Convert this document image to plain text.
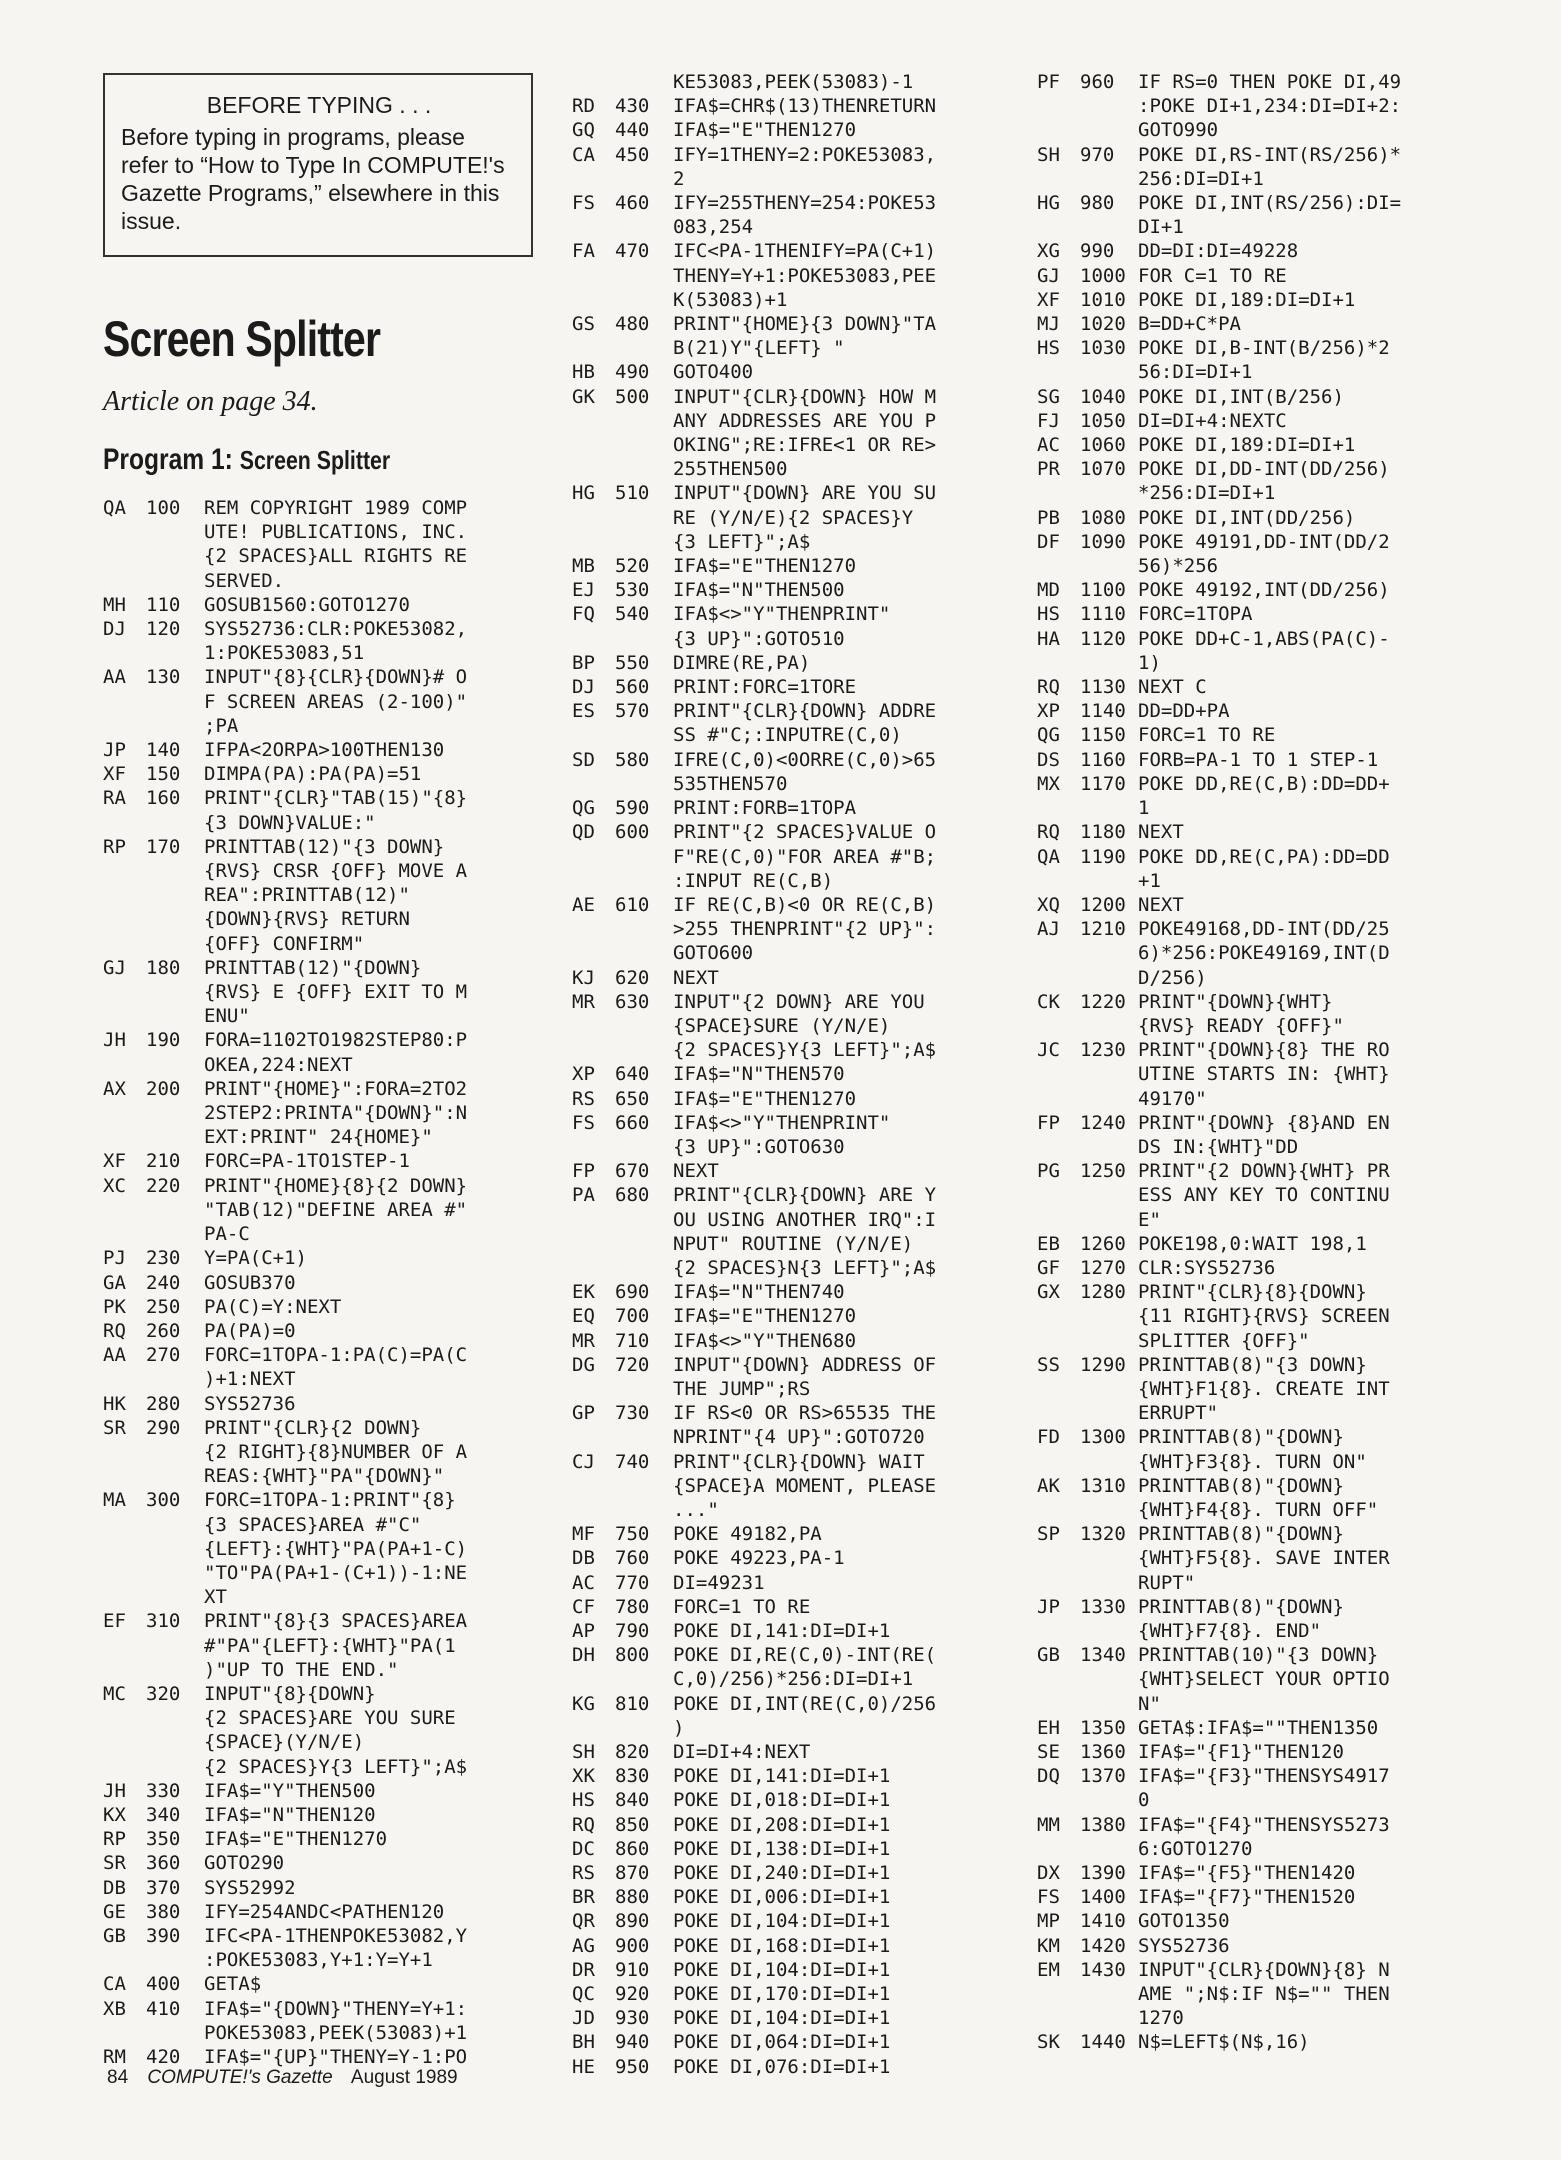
BEFORE TYPING . . .
Before typing in programs, please refer to “How to Type In COMPUTE!'s Gazette Programs,” elsewhere in this issue.
Screen Splitter
Article on page 34.
Program 1: Screen Splitter
QA	100	REM COPYRIGHT 1989 COMP
UTE! PUBLICATIONS, INC.
{2 SPACES}ALL RIGHTS RE
SERVED.
MH	110	GOSUB1560:GOTO1270
DJ	120	SYS52736:CLR:POKE53082,
1:POKE53083,51
AA	130	INPUT"{8}{CLR}{DOWN}# O
F SCREEN AREAS (2-100)"
;PA
JP	140	IFPA<2ORPA>100THEN130
XF	150	DIMPA(PA):PA(PA)=51
RA	160	PRINT"{CLR}"TAB(15)"{8}
{3 DOWN}VALUE:"
RP	170	PRINTTAB(12)"{3 DOWN}
{RVS} CRSR {OFF} MOVE A
REA":PRINTTAB(12)"
{DOWN}{RVS} RETURN
{OFF} CONFIRM"
GJ	180	PRINTTAB(12)"{DOWN}
{RVS} E {OFF} EXIT TO M
ENU"
JH	190	FORA=1102TO1982STEP80:P
OKEA,224:NEXT
AX	200	PRINT"{HOME}":FORA=2TO2
2STEP2:PRINTA"{DOWN}":N
EXT:PRINT" 24{HOME}"
XF	210	FORC=PA-1TO1STEP-1
XC	220	PRINT"{HOME}{8}{2 DOWN}
"TAB(12)"DEFINE AREA #"
PA-C
PJ	230	Y=PA(C+1)
GA	240	GOSUB370
PK	250	PA(C)=Y:NEXT
RQ	260	PA(PA)=0
AA	270	FORC=1TOPA-1:PA(C)=PA(C
)+1:NEXT
HK	280	SYS52736
SR	290	PRINT"{CLR}{2 DOWN}
{2 RIGHT}{8}NUMBER OF A
REAS:{WHT}"PA"{DOWN}"
MA	300	FORC=1TOPA-1:PRINT"{8}
{3 SPACES}AREA #"C"
{LEFT}:{WHT}"PA(PA+1-C)
"TO"PA(PA+1-(C+1))-1:NE
XT
EF	310	PRINT"{8}{3 SPACES}AREA
#"PA"{LEFT}:{WHT}"PA(1
)"UP TO THE END."
MC	320	INPUT"{8}{DOWN}
{2 SPACES}ARE YOU SURE
{SPACE}(Y/N/E)
{2 SPACES}Y{3 LEFT}";A$
JH	330	IFA$="Y"THEN500
KX	340	IFA$="N"THEN120
RP	350	IFA$="E"THEN1270
SR	360	GOTO290
DB	370	SYS52992
GE	380	IFY=254ANDC<PATHEN120
GB	390	IFC<PA-1THENPOKE53082,Y
:POKE53083,Y+1:Y=Y+1
CA	400	GETA$
XB	410	IFA$="{DOWN}"THENY=Y+1:
POKE53083,PEEK(53083)+1
RM	420	IFA$="{UP}"THENY=Y-1:PO
KE53083,PEEK(53083)-1
RD	430	IFA$=CHR$(13)THENRETURN
GQ	440	IFA$="E"THEN1270
CA	450	IFY=1THENY=2:POKE53083,
2
FS	460	IFY=255THENY=254:POKE53
083,254
FA	470	IFC<PA-1THENIFY=PA(C+1)
THENY=Y+1:POKE53083,PEE
K(53083)+1
GS	480	PRINT"{HOME}{3 DOWN}"TA
B(21)Y"{LEFT} "
HB	490	GOTO400
GK	500	INPUT"{CLR}{DOWN} HOW M
ANY ADDRESSES ARE YOU P
OKING";RE:IFRE<1 OR RE>
255THEN500
HG	510	INPUT"{DOWN} ARE YOU SU
RE (Y/N/E){2 SPACES}Y
{3 LEFT}";A$
MB	520	IFA$="E"THEN1270
EJ	530	IFA$="N"THEN500
FQ	540	IFA$<>"Y"THENPRINT"
{3 UP}":GOTO510
BP	550	DIMRE(RE,PA)
DJ	560	PRINT:FORC=1TORE
ES	570	PRINT"{CLR}{DOWN} ADDRE
SS #"C;:INPUTRE(C,0)
SD	580	IFRE(C,0)<0ORRE(C,0)>65
535THEN570
QG	590	PRINT:FORB=1TOPA
QD	600	PRINT"{2 SPACES}VALUE O
F"RE(C,0)"FOR AREA #"B;
:INPUT RE(C,B)
AE	610	IF RE(C,B)<0 OR RE(C,B)
>255 THENPRINT"{2 UP}":
GOTO600
KJ	620	NEXT
MR	630	INPUT"{2 DOWN} ARE YOU
{SPACE}SURE (Y/N/E)
{2 SPACES}Y{3 LEFT}";A$
XP	640	IFA$="N"THEN570
RS	650	IFA$="E"THEN1270
FS	660	IFA$<>"Y"THENPRINT"
{3 UP}":GOTO630
FP	670	NEXT
PA	680	PRINT"{CLR}{DOWN} ARE Y
OU USING ANOTHER IRQ":I
NPUT" ROUTINE (Y/N/E)
{2 SPACES}N{3 LEFT}";A$
EK	690	IFA$="N"THEN740
EQ	700	IFA$="E"THEN1270
MR	710	IFA$<>"Y"THEN680
DG	720	INPUT"{DOWN} ADDRESS OF
THE JUMP";RS
GP	730	IF RS<0 OR RS>65535 THE
NPRINT"{4 UP}":GOTO720
CJ	740	PRINT"{CLR}{DOWN} WAIT
{SPACE}A MOMENT, PLEASE
..."
MF	750	POKE 49182,PA
DB	760	POKE 49223,PA-1
AC	770	DI=49231
CF	780	FORC=1 TO RE
AP	790	POKE DI,141:DI=DI+1
DH	800	POKE DI,RE(C,0)-INT(RE(
C,0)/256)*256:DI=DI+1
KG	810	POKE DI,INT(RE(C,0)/256
)
SH	820	DI=DI+4:NEXT
XK	830	POKE DI,141:DI=DI+1
HS	840	POKE DI,018:DI=DI+1
RQ	850	POKE DI,208:DI=DI+1
DC	860	POKE DI,138:DI=DI+1
RS	870	POKE DI,240:DI=DI+1
BR	880	POKE DI,006:DI=DI+1
QR	890	POKE DI,104:DI=DI+1
AG	900	POKE DI,168:DI=DI+1
DR	910	POKE DI,104:DI=DI+1
QC	920	POKE DI,170:DI=DI+1
JD	930	POKE DI,104:DI=DI+1
BH	940	POKE DI,064:DI=DI+1
HE	950	POKE DI,076:DI=DI+1
PF	960	IF RS=0 THEN POKE DI,49
:POKE DI+1,234:DI=DI+2:
GOTO990
SH	970	POKE DI,RS-INT(RS/256)*
256:DI=DI+1
HG	980	POKE DI,INT(RS/256):DI=
DI+1
XG	990	DD=DI:DI=49228
GJ	1000 FOR C=1 TO RE
XF	1010 POKE DI,189:DI=DI+1
MJ	1020 B=DD+C*PA
HS	1030 POKE DI,B-INT(B/256)*2
56:DI=DI+1
SG	1040 POKE DI,INT(B/256)
FJ	1050 DI=DI+4:NEXTC
AC	1060 POKE DI,189:DI=DI+1
PR	1070 POKE DI,DD-INT(DD/256)
*256:DI=DI+1
PB	1080 POKE DI,INT(DD/256)
DF	1090 POKE 49191,DD-INT(DD/2
56)*256
MD	1100 POKE 49192,INT(DD/256)
HS	1110 FORC=1TOPA
HA	1120 POKE DD+C-1,ABS(PA(C)-
1)
RQ	1130 NEXT C
XP	1140 DD=DD+PA
QG	1150 FORC=1 TO RE
DS	1160 FORB=PA-1 TO 1 STEP-1
MX	1170 POKE DD,RE(C,B):DD=DD+
1
RQ	1180 NEXT
QA	1190 POKE DD,RE(C,PA):DD=DD
+1
XQ	1200 NEXT
AJ	1210 POKE49168,DD-INT(DD/25
6)*256:POKE49169,INT(D
D/256)
CK	1220 PRINT"{DOWN}{WHT}
{RVS} READY {OFF}"
JC	1230 PRINT"{DOWN}{8} THE RO
UTINE STARTS IN: {WHT}
49170"
FP	1240 PRINT"{DOWN} {8}AND EN
DS IN:{WHT}"DD
PG	1250 PRINT"{2 DOWN}{WHT} PR
ESS ANY KEY TO CONTINU
E"
EB	1260 POKE198,0:WAIT 198,1
GF	1270 CLR:SYS52736
GX	1280 PRINT"{CLR}{8}{DOWN}
{11 RIGHT}{RVS} SCREEN
SPLITTER {OFF}"
SS	1290 PRINTTAB(8)"{3 DOWN}
{WHT}F1{8}. CREATE INT
ERRUPT"
FD	1300 PRINTTAB(8)"{DOWN}
{WHT}F3{8}. TURN ON"
AK	1310 PRINTTAB(8)"{DOWN}
{WHT}F4{8}. TURN OFF"
SP	1320 PRINTTAB(8)"{DOWN}
{WHT}F5{8}. SAVE INTER
RUPT"
JP	1330 PRINTTAB(8)"{DOWN}
{WHT}F7{8}. END"
GB	1340 PRINTTAB(10)"{3 DOWN}
{WHT}SELECT YOUR OPTIO
N"
EH	1350 GETA$:IFA$=""THEN1350
SE	1360 IFA$="{F1}"THEN120
DQ	1370 IFA$="{F3}"THENSYS4917
0
MM	1380 IFA$="{F4}"THENSYS5273
6:GOTO1270
DX	1390 IFA$="{F5}"THEN1420
FS	1400 IFA$="{F7}"THEN1520
MP	1410 GOTO1350
KM	1420 SYS52736
EM	1430 INPUT"{CLR}{DOWN}{8} N
AME ";N$:IF N$="" THEN
1270
SK	1440 N$=LEFT$(N$,16)
84 COMPUTE!'s Gazette August 1989
